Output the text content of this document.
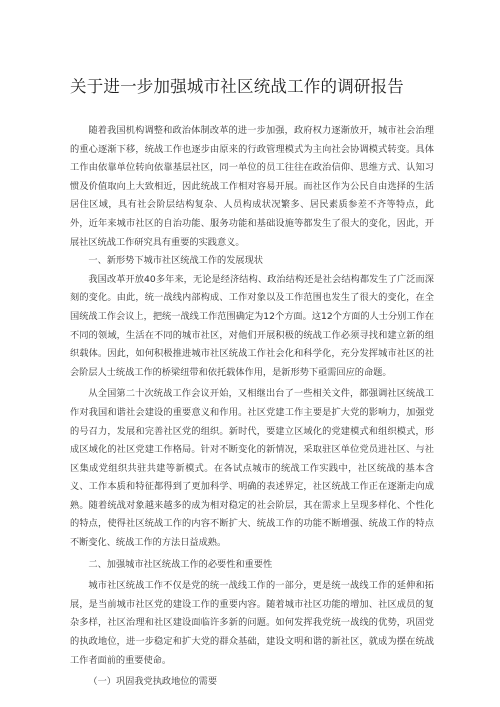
关于进一步加强城市社区统战工作的调研报告

随着我国机构调整和政治体制改革的进一步加强，政府权力逐渐放开，城市社会治理的重心逐渐下移，统战工作也逐步由原来的行政管理模式为主向社会协调模式转变。具体工作由依靠单位转向依靠基层社区，同一单位的员工往往在政治信仰、思维方式、认知习惯及价值取向上大致相近，因此统战工作相对容易开展。而社区作为公民自由选择的生活居住区域，具有社会阶层结构复杂、人员构成状况繁多、居民素质参差不齐等特点，此外，近年来城市社区的自治功能、服务功能和基础设施等都发生了很大的变化，因此，开展社区统战工作研究具有重要的实践意义。

一、新形势下城市社区统战工作的发展现状

我国改革开放40多年来，无论是经济结构、政治结构还是社会结构都发生了广泛而深刻的变化。由此，统一战线内部构成、工作对象以及工作范围也发生了很大的变化，在全国统战工作会议上，把统一战线工作范围确定为12个方面。这12个方面的人士分别工作在不同的领域，生活在不同的城市社区，对他们开展积极的统战工作必须寻找和建立新的组织载体。因此，如何积极推进城市社区统战工作社会化和科学化，充分发挥城市社区的社会阶层人士统战工作的桥梁纽带和依托载体作用，是新形势下亟需回应的命题。

从全国第二十次统战工作会议开始，又相继出台了一些相关文件，都强调社区统战工作对我国和谐社会建设的重要意义和作用。社区党建工作主要是扩大党的影响力，加强党的号召力，发展和完善社区党的组织。新时代，要建立区域化的党建模式和组织模式，形成区域化的社区党建工作格局。针对不断变化的新情况，采取驻区单位党员进社区、与社区集成党组织共驻共建等新模式。在各试点城市的统战工作实践中，社区统战的基本含义、工作本质和特征都得到了更加科学、明确的表述界定，社区统战工作正在逐渐走向成熟。随着统战对象越来越多的成为相对稳定的社会阶层，其在需求上呈现多样化、个性化的特点，使得社区统战工作的内容不断扩大、统战工作的功能不断增强、统战工作的特点不断变化、统战工作的方法日益成熟。

二、加强城市社区统战工作的必要性和重要性

城市社区统战工作不仅是党的统一战线工作的一部分，更是统一战线工作的延伸和拓展，是当前城市社区党的建设工作的重要内容。随着城市社区功能的增加、社区成员的复杂多样，社区治理和社区建设面临许多新的问题。如何发挥我党统一战线的优势，巩固党的执政地位，进一步稳定和扩大党的群众基础，建设文明和谐的新社区，就成为摆在统战工作者面前的重要使命。

（一）巩固我党执政地位的需要
